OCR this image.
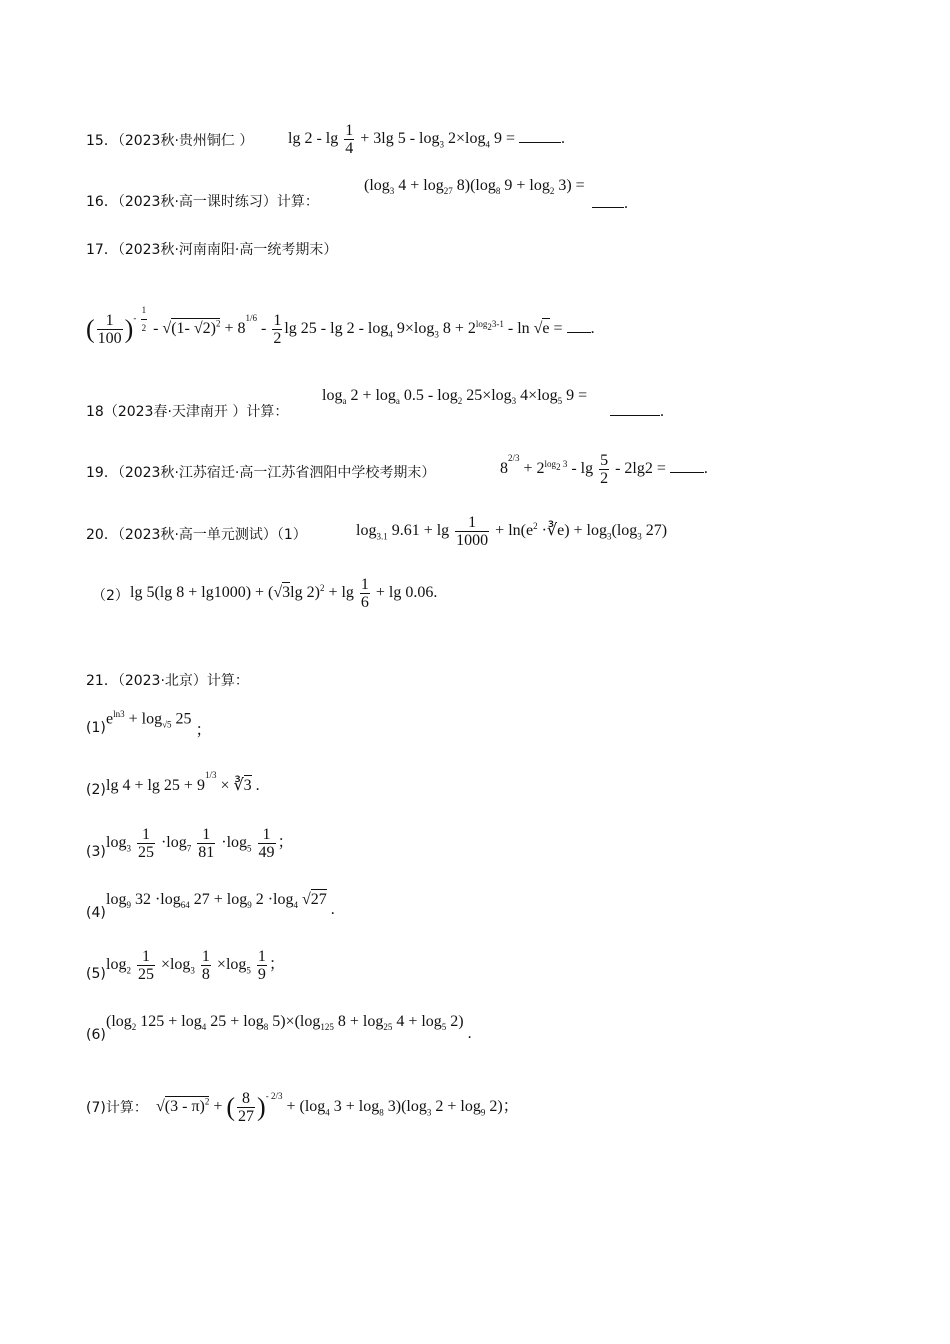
15．（2023秋·贵州铜仁 ） $\lg 2 - \lg \frac{1}{4} + 3\lg$ $5 - \log_3 2\times\log_4$ 9 =	.
16．（2023秋·高一课时练习）计算：
($\log_3$ $4 + \log_{27} 8)(\log_8$ $9 + \log_2 3$) =
.
17．（2023秋·河南南阳·高一统考期末）
( $\frac{1}{100} )^{- \frac{1}{2}} - √(1-$ $√2)^2 + 8^{1/6} - \frac{1}{2}$ $\lg 25 - \lg 2 - \log_4 9\times\log_3$ $8 + 2^{log_23-1} - \ln √e$ = .
18（2023春·天津南开 ）计算：
$\log_a 2 + \log_a 0.5 - \log_2 25\times\log_3$ $4\times\log_5$ 9 =
.
19．（2023秋·江苏宿迁·高一江苏省泗阳中学校考期末）	$8^{2/3} + 2^{log_2 3} - \lg \frac{5}{2} - 2\lg 2$ = .
20．（2023秋·高一单元测试）（1）	$\log_{3.1} 9.61 + \lg \frac{1}{1000} + \ln(e^2$ ·∛e) + $\log_3(\log_3$ 27)
（2） lg 5(lg 8 + lg1000) + (√3lg $2)^2 + \lg \frac{1}{6} + \lg 0.06$.
21．（2023·北京）计算：
(1)
$e^{ln3} + \log_{√5} 25$ ；
(2) $\lg 4 + \lg 25 + 9^{1/3}$ × ∛3 .
(3)
$\log_3 \frac{1}{25} \cdot\log_7 \frac{1}{81} \cdot\log_5 \frac{1}{49}$ ；
(4)
$\log_9 32 \cdot\log_{64}$ $27 + \log_9 2 \cdot\log_4$ √27 .
(5)
$\log_2 \frac{1}{25} \times\log_3 \frac{1}{8} \times\log_5 \frac{1}{9}$ ；
(6)
($\log_2$ $125 + \log_4 25 + \log_8 5)\times(\log_{125}$ $8 + \log_{25} 4 + \log_5 2$) .
(7)计算： √(3 - π)$^2$ + ( $\frac{8}{27} )^{- 2/3} + (\log_4$ $3 + \log_8 3)(\log_3$ $2 + \log_9 2$)；
